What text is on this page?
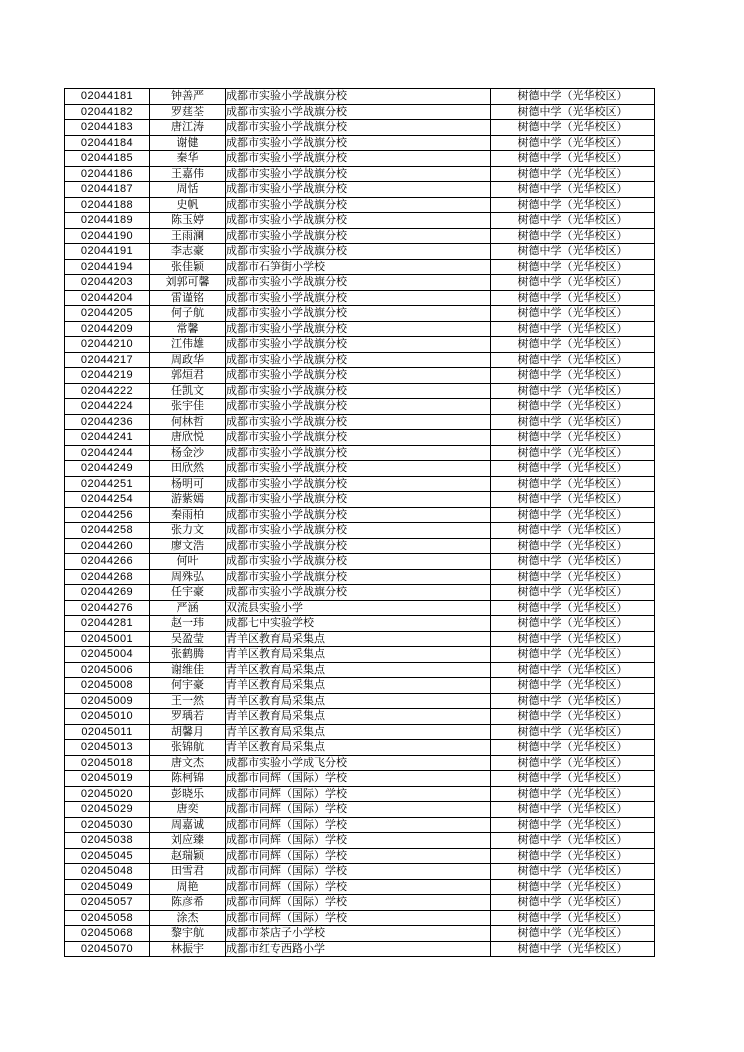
02044181	钟善严	成都市实验小学战旗分校	树德中学（光华校区）
02044182	罗莛荃	成都市实验小学战旗分校	树德中学（光华校区）
02044183	唐江涛	成都市实验小学战旗分校	树德中学（光华校区）
02044184	谢健	成都市实验小学战旗分校	树德中学（光华校区）
02044185	秦华	成都市实验小学战旗分校	树德中学（光华校区）
02044186	王嘉伟	成都市实验小学战旗分校	树德中学（光华校区）
02044187	周恬	成都市实验小学战旗分校	树德中学（光华校区）
02044188	史帆	成都市实验小学战旗分校	树德中学（光华校区）
02044189	陈玉婷	成都市实验小学战旗分校	树德中学（光华校区）
02044190	王雨澜	成都市实验小学战旗分校	树德中学（光华校区）
02044191	李志豪	成都市实验小学战旗分校	树德中学（光华校区）
02044194	张佳颖	成都市石笋街小学校	树德中学（光华校区）
02044203	刘郭可馨	成都市实验小学战旗分校	树德中学（光华校区）
02044204	雷谨铭	成都市实验小学战旗分校	树德中学（光华校区）
02044205	何子航	成都市实验小学战旗分校	树德中学（光华校区）
02044209	常馨	成都市实验小学战旗分校	树德中学（光华校区）
02044210	江伟雄	成都市实验小学战旗分校	树德中学（光华校区）
02044217	周政华	成都市实验小学战旗分校	树德中学（光华校区）
02044219	郭烜君	成都市实验小学战旗分校	树德中学（光华校区）
02044222	任凯文	成都市实验小学战旗分校	树德中学（光华校区）
02044224	张宇佳	成都市实验小学战旗分校	树德中学（光华校区）
02044236	何林哲	成都市实验小学战旗分校	树德中学（光华校区）
02044241	唐欣悦	成都市实验小学战旗分校	树德中学（光华校区）
02044244	杨金沙	成都市实验小学战旗分校	树德中学（光华校区）
02044249	田欣然	成都市实验小学战旗分校	树德中学（光华校区）
02044251	杨明可	成都市实验小学战旗分校	树德中学（光华校区）
02044254	游紫嫣	成都市实验小学战旗分校	树德中学（光华校区）
02044256	秦雨柏	成都市实验小学战旗分校	树德中学（光华校区）
02044258	张力文	成都市实验小学战旗分校	树德中学（光华校区）
02044260	廖文浩	成都市实验小学战旗分校	树德中学（光华校区）
02044266	何叶	成都市实验小学战旗分校	树德中学（光华校区）
02044268	周殊弘	成都市实验小学战旗分校	树德中学（光华校区）
02044269	任宇豪	成都市实验小学战旗分校	树德中学（光华校区）
02044276	严涵	双流县实验小学	树德中学（光华校区）
02044281	赵一玮	成都七中实验学校	树德中学（光华校区）
02045001	吴盈莹	青羊区教育局采集点	树德中学（光华校区）
02045004	张鹤腾	青羊区教育局采集点	树德中学（光华校区）
02045006	谢维佳	青羊区教育局采集点	树德中学（光华校区）
02045008	何宇豪	青羊区教育局采集点	树德中学（光华校区）
02045009	王一然	青羊区教育局采集点	树德中学（光华校区）
02045010	罗瑀若	青羊区教育局采集点	树德中学（光华校区）
02045011	胡馨月	青羊区教育局采集点	树德中学（光华校区）
02045013	张锦航	青羊区教育局采集点	树德中学（光华校区）
02045018	唐文杰	成都市实验小学成飞分校	树德中学（光华校区）
02045019	陈柯锦	成都市同辉（国际）学校	树德中学（光华校区）
02045020	彭晓乐	成都市同辉（国际）学校	树德中学（光华校区）
02045029	唐奕	成都市同辉（国际）学校	树德中学（光华校区）
02045030	周嘉诚	成都市同辉（国际）学校	树德中学（光华校区）
02045038	刘应臻	成都市同辉（国际）学校	树德中学（光华校区）
02045045	赵瑞颖	成都市同辉（国际）学校	树德中学（光华校区）
02045048	田雪君	成都市同辉（国际）学校	树德中学（光华校区）
02045049	周艳	成都市同辉（国际）学校	树德中学（光华校区）
02045057	陈彦希	成都市同辉（国际）学校	树德中学（光华校区）
02045058	涂杰	成都市同辉（国际）学校	树德中学（光华校区）
02045068	黎宇航	成都市茶店子小学校	树德中学（光华校区）
02045070	林振宇	成都市红专西路小学	树德中学（光华校区）
